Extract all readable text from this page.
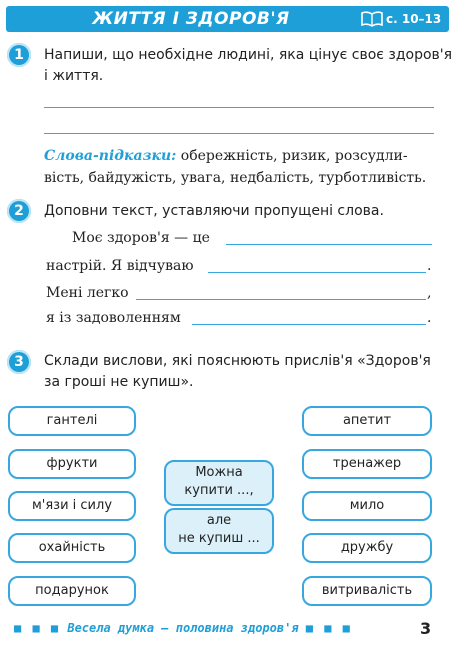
ЖИТТЯ І ЗДОРОВ'Я	с. 10–13
1	Напиши, що необхідне людині, яка цінує своє здоров'я
і життя.
Слова-підказки: обережність, ризик, розсудли-
вість, байдужість, увага, недбалість, турботливість.
2	Доповни текст, уставляючи пропущені слова.
Моє здоров'я — це
настрій. Я відчуваю	.
Мені легко	,
я із задоволенням	.
3	Склади вислови, які пояснюють прислів'я «Здоров'я
за гроші не купиш».
гантелі
фрукти
м'язи і силу
охайність
подарунок
апетит
тренажер
мило
дружбу
витривалість
Можна
купити ...,
але
не купиш ...
■ ■ ■ Весела думка — половина здоров'я ■ ■ ■	3
